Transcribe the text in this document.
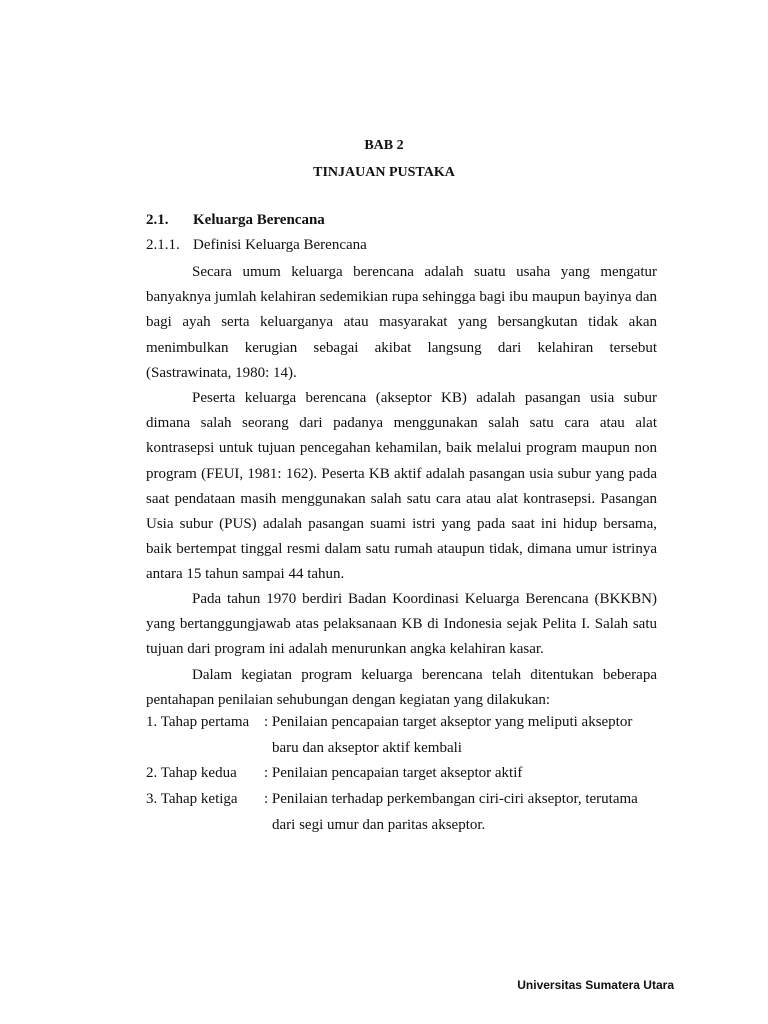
BAB 2
TINJAUAN PUSTAKA
2.1. Keluarga Berencana
2.1.1. Definisi Keluarga Berencana

Secara umum keluarga berencana adalah suatu usaha yang mengatur banyaknya jumlah kelahiran sedemikian rupa sehingga bagi ibu maupun bayinya dan bagi ayah serta keluarganya atau masyarakat yang bersangkutan tidak akan menimbulkan kerugian sebagai akibat langsung dari kelahiran tersebut (Sastrawinata, 1980: 14).

Peserta keluarga berencana (akseptor KB) adalah pasangan usia subur dimana salah seorang dari padanya menggunakan salah satu cara atau alat kontrasepsi untuk tujuan pencegahan kehamilan, baik melalui program maupun non program (FEUI, 1981: 162). Peserta KB aktif adalah pasangan usia subur yang pada saat pendataan masih menggunakan salah satu cara atau alat kontrasepsi. Pasangan Usia subur (PUS) adalah pasangan suami istri yang pada saat ini hidup bersama, baik bertempat tinggal resmi dalam satu rumah ataupun tidak, dimana umur istrinya antara 15 tahun sampai 44 tahun.

Pada tahun 1970 berdiri Badan Koordinasi Keluarga Berencana (BKKBN) yang bertanggungjawab atas pelaksanaan KB di Indonesia sejak Pelita I. Salah satu tujuan dari program ini adalah menurunkan angka kelahiran kasar.

Dalam kegiatan program keluarga berencana telah ditentukan beberapa pentahapan penilaian sehubungan dengan kegiatan yang dilakukan:

1. Tahap pertama : Penilaian pencapaian target akseptor yang meliputi akseptor
baru dan akseptor aktif kembali
2. Tahap kedua : Penilaian pencapaian target akseptor aktif
3. Tahap ketiga : Penilaian terhadap perkembangan ciri-ciri akseptor, terutama
dari segi umur dan paritas akseptor.
Universitas Sumatera Utara
